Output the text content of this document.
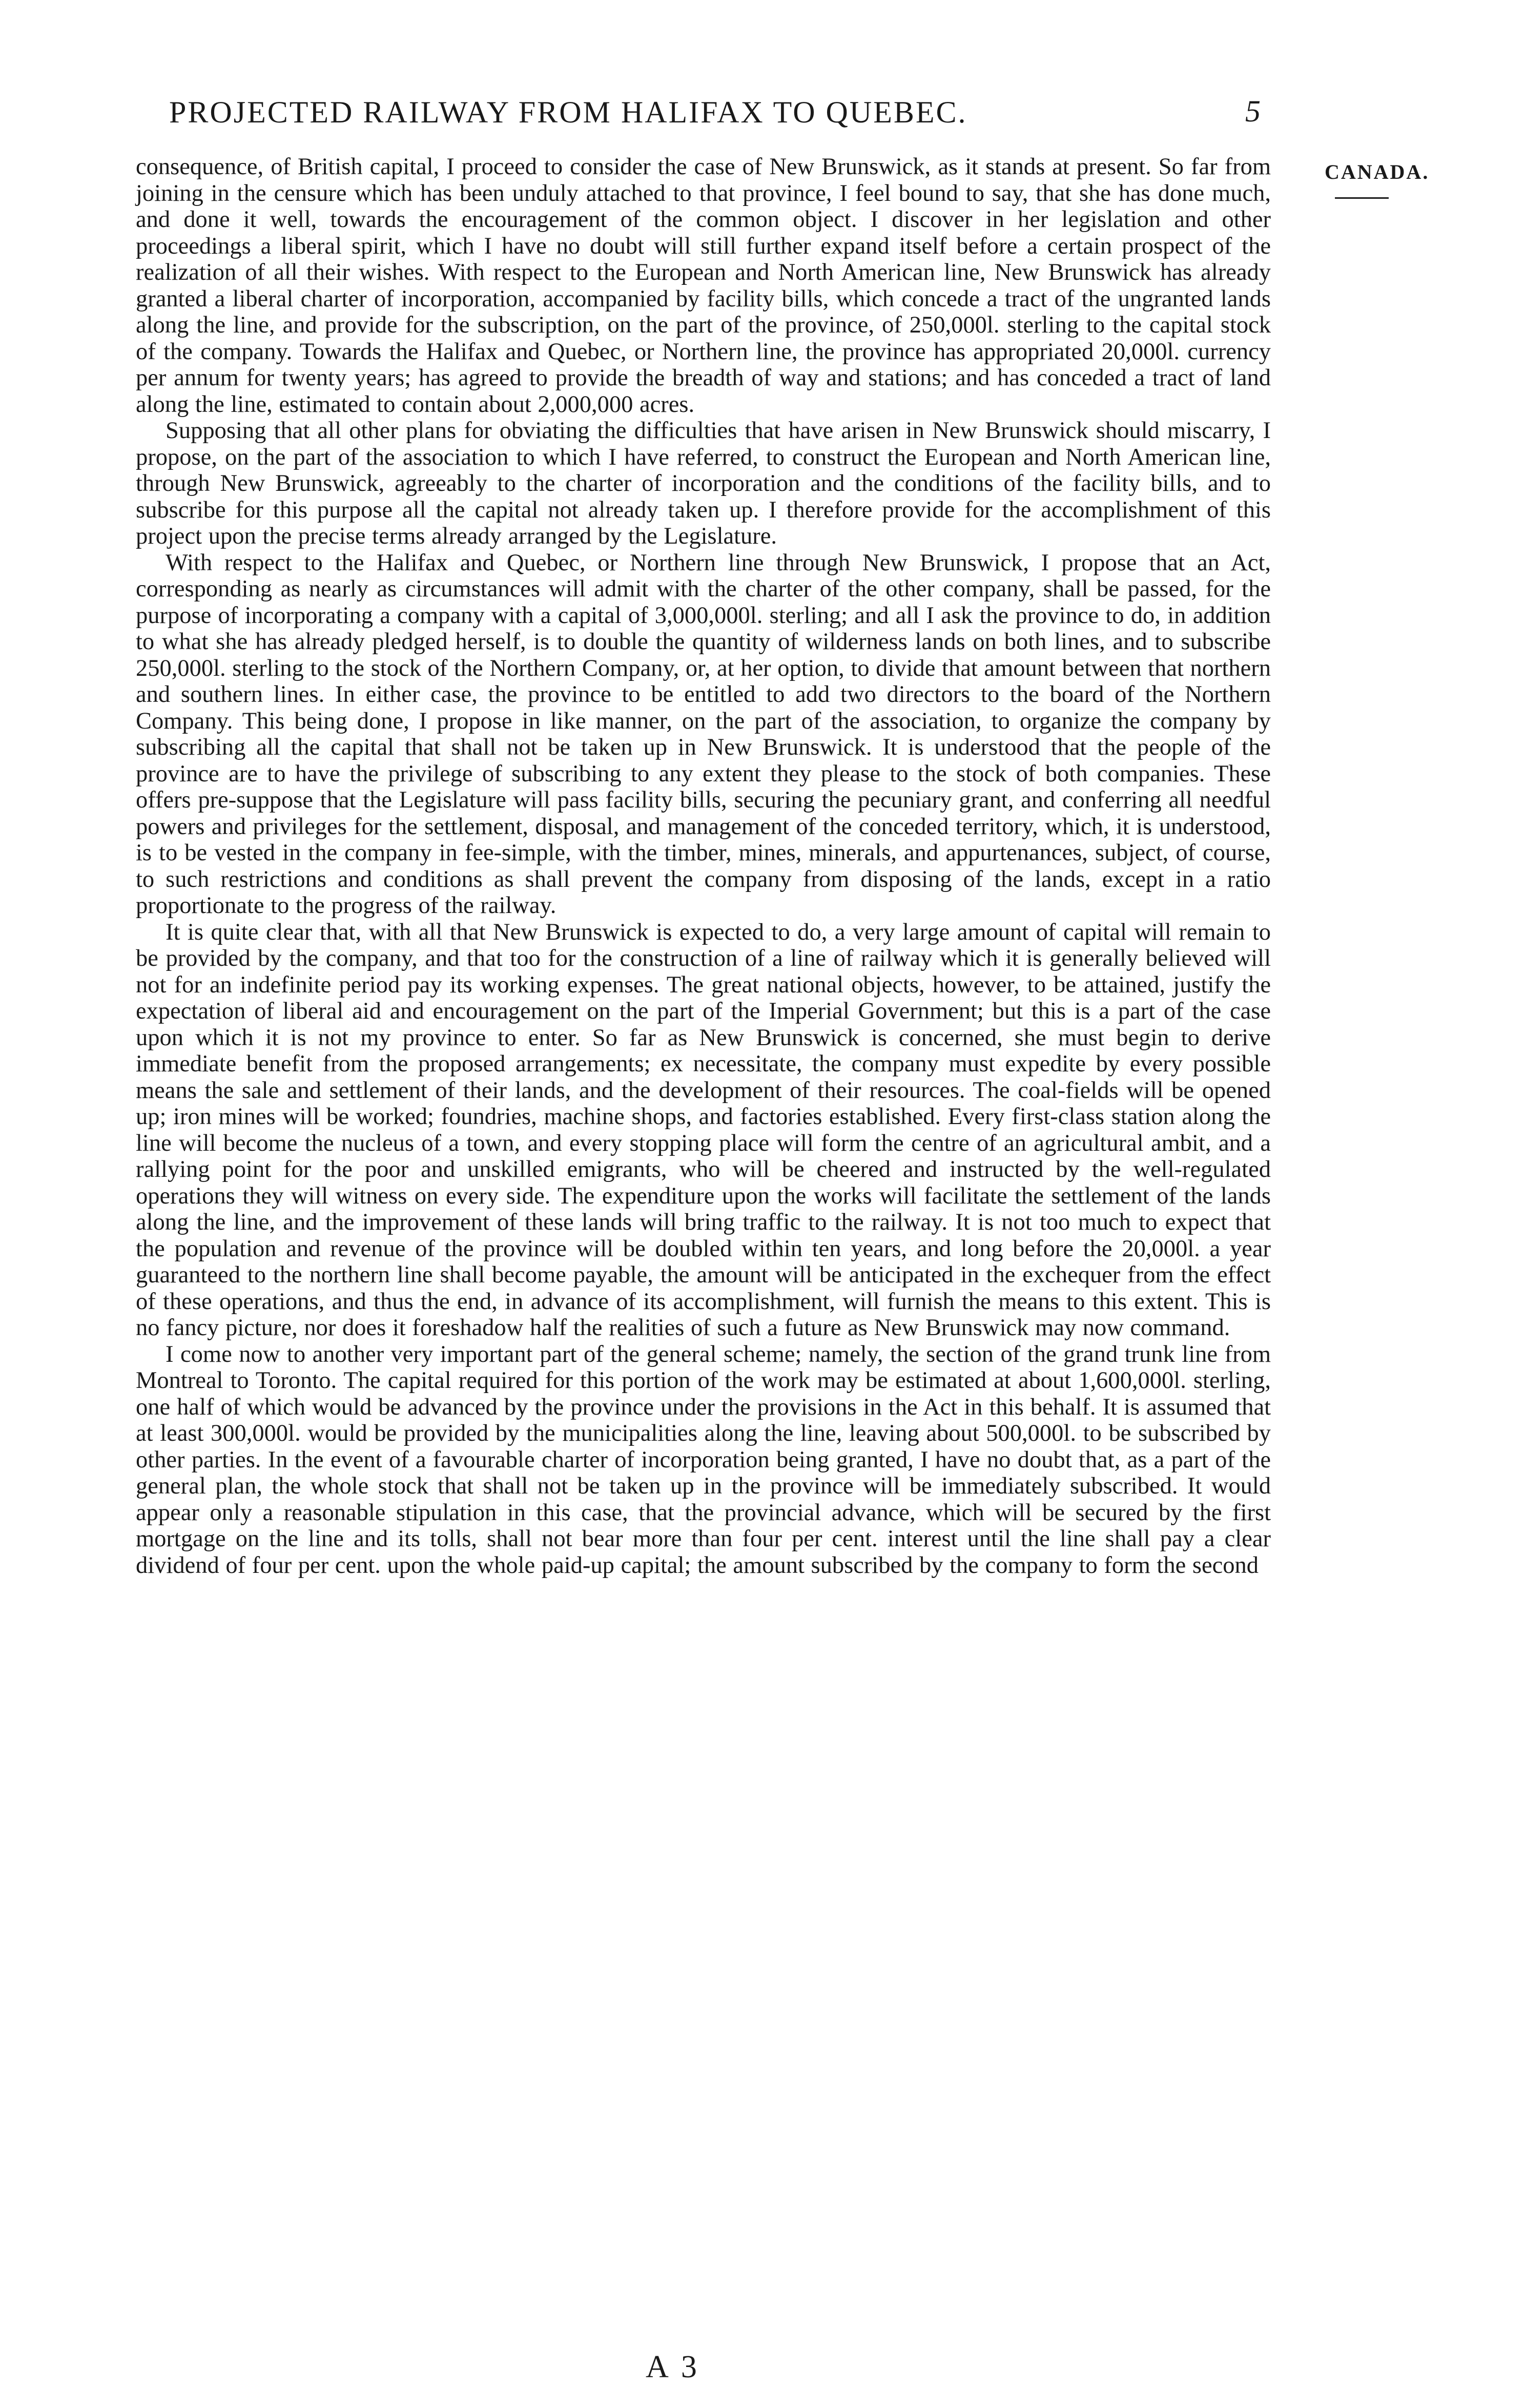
PROJECTED RAILWAY FROM HALIFAX TO QUEBEC.	5
CANADA.

consequence, of British capital, I proceed to consider the case of New Brunswick, as it stands at present. So far from joining in the censure which has been unduly attached to that province, I feel bound to say, that she has done much, and done it well, towards the encouragement of the common object. I discover in her legislation and other proceedings a liberal spirit, which I have no doubt will still further expand itself before a certain prospect of the realization of all their wishes. With respect to the European and North American line, New Brunswick has already granted a liberal charter of incorporation, accompanied by facility bills, which concede a tract of the ungranted lands along the line, and provide for the subscription, on the part of the province, of 250,000l. sterling to the capital stock of the company. Towards the Halifax and Quebec, or Northern line, the province has appropriated 20,000l. currency per annum for twenty years; has agreed to provide the breadth of way and stations; and has conceded a tract of land along the line, estimated to contain about 2,000,000 acres.

Supposing that all other plans for obviating the difficulties that have arisen in New Brunswick should miscarry, I propose, on the part of the association to which I have referred, to construct the European and North American line, through New Brunswick, agreeably to the charter of incorporation and the conditions of the facility bills, and to subscribe for this purpose all the capital not already taken up. I therefore provide for the accomplishment of this project upon the precise terms already arranged by the Legislature.

With respect to the Halifax and Quebec, or Northern line through New Brunswick, I propose that an Act, corresponding as nearly as circumstances will admit with the charter of the other company, shall be passed, for the purpose of incorporating a company with a capital of 3,000,000l. sterling; and all I ask the province to do, in addition to what she has already pledged herself, is to double the quantity of wilderness lands on both lines, and to subscribe 250,000l. sterling to the stock of the Northern Company, or, at her option, to divide that amount between that northern and southern lines. In either case, the province to be entitled to add two directors to the board of the Northern Company. This being done, I propose in like manner, on the part of the association, to organize the company by subscribing all the capital that shall not be taken up in New Brunswick. It is understood that the people of the province are to have the privilege of subscribing to any extent they please to the stock of both companies. These offers pre-suppose that the Legislature will pass facility bills, securing the pecuniary grant, and conferring all needful powers and privileges for the settlement, disposal, and management of the conceded territory, which, it is understood, is to be vested in the company in fee-simple, with the timber, mines, minerals, and appurtenances, subject, of course, to such restrictions and conditions as shall prevent the company from disposing of the lands, except in a ratio proportionate to the progress of the railway.

It is quite clear that, with all that New Brunswick is expected to do, a very large amount of capital will remain to be provided by the company, and that too for the construction of a line of railway which it is generally believed will not for an indefinite period pay its working expenses. The great national objects, however, to be attained, justify the expectation of liberal aid and encouragement on the part of the Imperial Government; but this is a part of the case upon which it is not my province to enter. So far as New Brunswick is concerned, she must begin to derive immediate benefit from the proposed arrangements; ex necessitate, the company must expedite by every possible means the sale and settlement of their lands, and the development of their resources. The coal-fields will be opened up; iron mines will be worked; foundries, machine shops, and factories established. Every first-class station along the line will become the nucleus of a town, and every stopping place will form the centre of an agricultural ambit, and a rallying point for the poor and unskilled emigrants, who will be cheered and instructed by the well-regulated operations they will witness on every side. The expenditure upon the works will facilitate the settlement of the lands along the line, and the improvement of these lands will bring traffic to the railway. It is not too much to expect that the population and revenue of the province will be doubled within ten years, and long before the 20,000l. a year guaranteed to the northern line shall become payable, the amount will be anticipated in the exchequer from the effect of these operations, and thus the end, in advance of its accomplishment, will furnish the means to this extent. This is no fancy picture, nor does it foreshadow half the realities of such a future as New Brunswick may now command.

I come now to another very important part of the general scheme; namely, the section of the grand trunk line from Montreal to Toronto. The capital required for this portion of the work may be estimated at about 1,600,000l. sterling, one half of which would be advanced by the province under the provisions in the Act in this behalf. It is assumed that at least 300,000l. would be provided by the municipalities along the line, leaving about 500,000l. to be subscribed by other parties. In the event of a favourable charter of incorporation being granted, I have no doubt that, as a part of the general plan, the whole stock that shall not be taken up in the province will be immediately subscribed. It would appear only a reasonable stipulation in this case, that the provincial advance, which will be secured by the first mortgage on the line and its tolls, shall not bear more than four per cent. interest until the line shall pay a clear dividend of four per cent. upon the whole paid-up capital; the amount subscribed by the company to form the second

A 3
